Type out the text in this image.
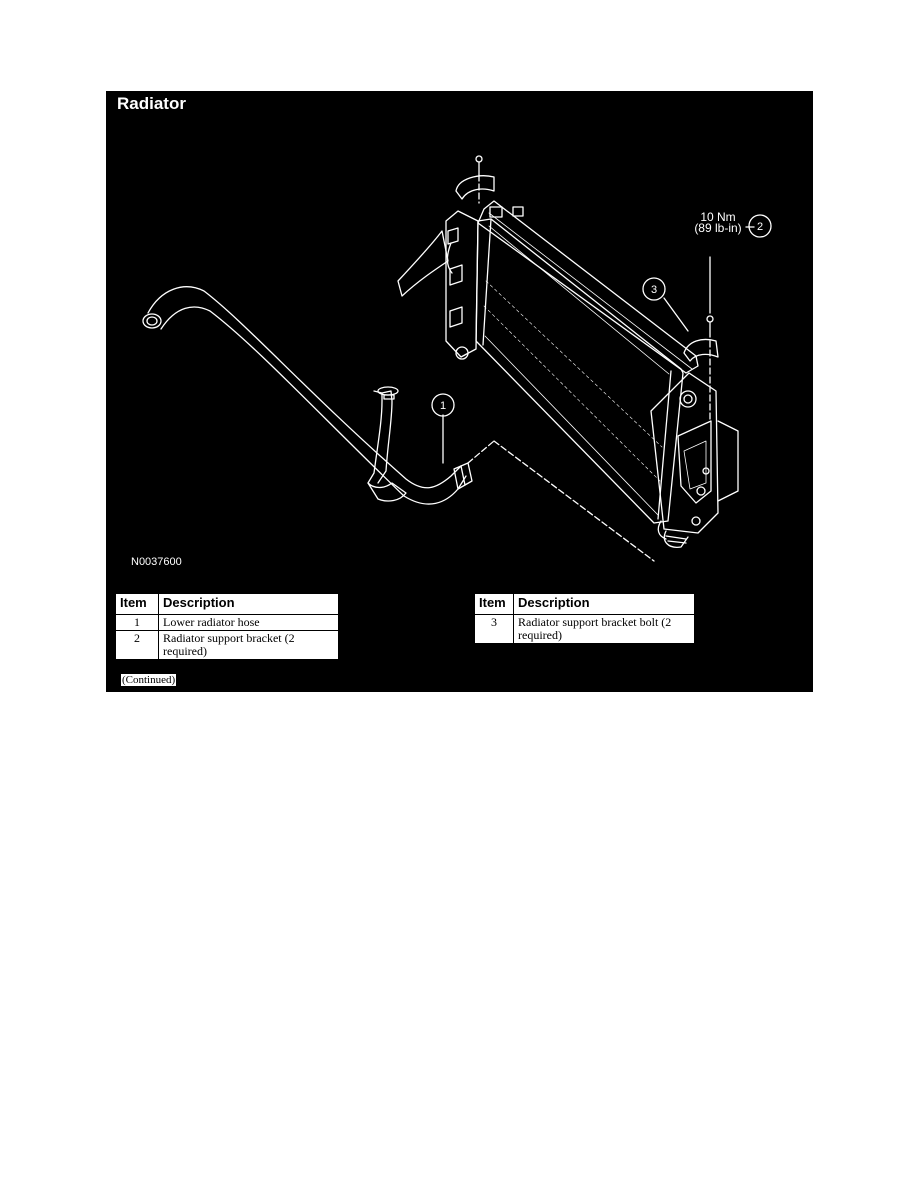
1
2
3
Radiator
10 Nm
(89 lb-in)
N0037600
Item	Description
1	Lower radiator hose
2	Radiator support bracket (2 required)
Item	Description
3	Radiator support bracket bolt (2 required)
(Continued)
